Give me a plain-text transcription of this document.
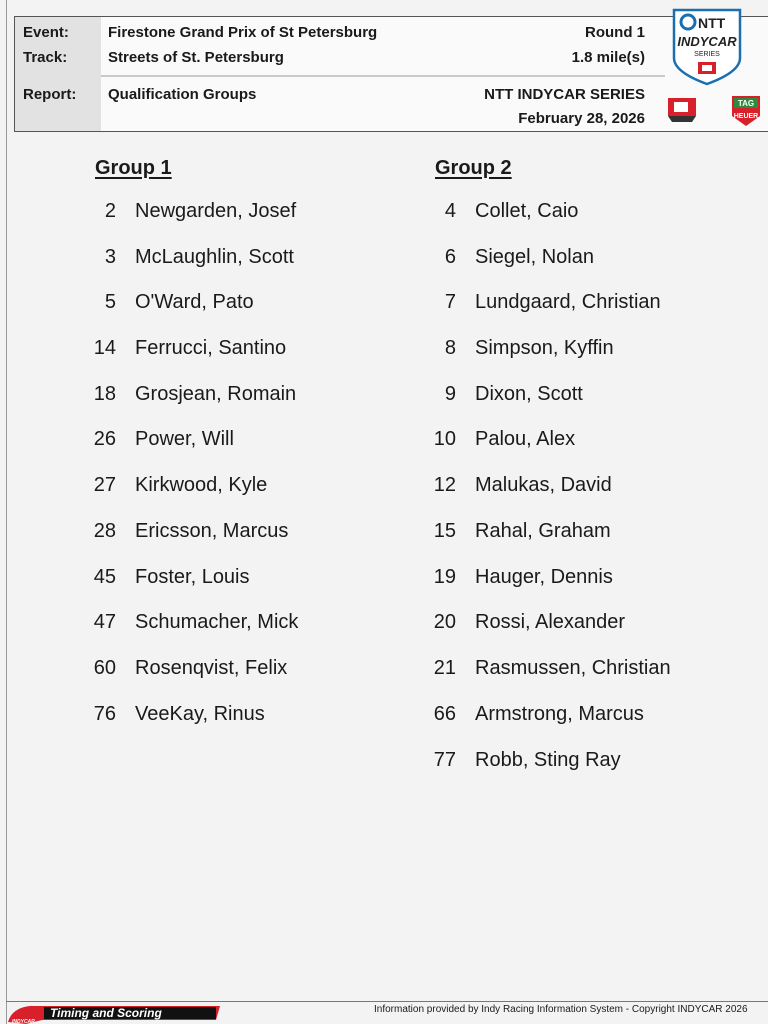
Event:	Firestone Grand Prix of St Petersburg
Track:	Streets of St. Petersburg
Report: Qualification Groups
Round 1
1.8 mile(s)
NTT INDYCAR SERIES
February 28, 2026
NTT
INDYCAR
SERIES
TAG
HEUER
Group 1	Group 2
2 Newgarden, Josef
3 McLaughlin, Scott
5 O'Ward, Pato
14 Ferrucci, Santino
18 Grosjean, Romain
26 Power, Will
27 Kirkwood, Kyle
28 Ericsson, Marcus
45 Foster, Louis
47 Schumacher, Mick
60 Rosenqvist, Felix
76 VeeKay, Rinus
4 Collet, Caio
6 Siegel, Nolan
7 Lundgaard, Christian
8 Simpson, Kyffin
9 Dixon, Scott
10 Palou, Alex
12 Malukas, David
15 Rahal, Graham
19 Hauger, Dennis
20 Rossi, Alexander
21 Rasmussen, Christian
66 Armstrong, Marcus
77 Robb, Sting Ray
Timing and Scoring
INDYCAR
Information provided by Indy Racing Information System - Copyright INDYCAR 2026
